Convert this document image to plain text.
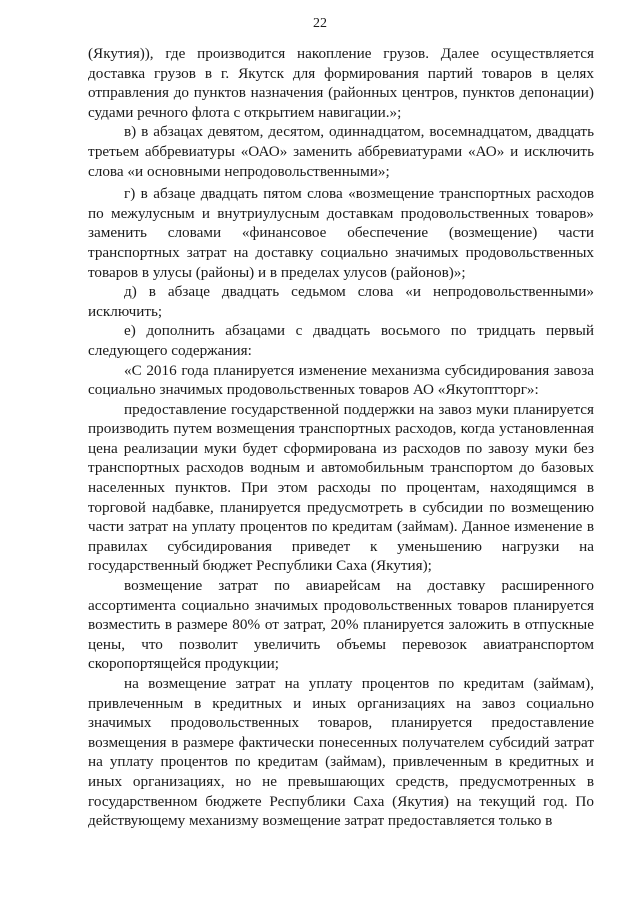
22

(Якутия)), где производится накопление грузов. Далее осуществляется доставка грузов в г. Якутск для формирования партий товаров в целях отправления до пунктов назначения (районных центров, пунктов депонации) судами речного флота с открытием навигации.»;

в) в абзацах девятом, десятом, одиннадцатом, восемнадцатом, двадцать третьем аббревиатуры «ОАО» заменить аббревиатурами «АО» и исключить слова «и основными непродовольственными»;

г) в абзаце двадцать пятом слова «возмещение транспортных расходов по межулусным и внутриулусным доставкам продовольственных товаров» заменить словами «финансовое обеспечение (возмещение) части транспортных затрат на доставку социально значимых продовольственных товаров в улусы (районы) и в пределах улусов (районов)»;

д) в абзаце двадцать седьмом слова «и непродовольственными» исключить;

е) дополнить абзацами с двадцать восьмого по тридцать первый следующего содержания:

«С 2016 года планируется изменение механизма субсидирования завоза социально значимых продовольственных товаров АО «Якутоптторг»:

предоставление государственной поддержки на завоз муки планируется производить путем возмещения транспортных расходов, когда установленная цена реализации муки будет сформирована из расходов по завозу муки без транспортных расходов водным и автомобильным транспортом до базовых населенных пунктов. При этом расходы по процентам, находящимся в торговой надбавке, планируется предусмотреть в субсидии по возмещению части затрат на уплату процентов по кредитам (займам). Данное изменение в правилах субсидирования приведет к уменьшению нагрузки на государственный бюджет Республики Саха (Якутия);

возмещение затрат по авиарейсам на доставку расширенного ассортимента социально значимых продовольственных товаров планируется возместить в размере 80% от затрат, 20% планируется заложить в отпускные цены, что позволит увеличить объемы перевозок авиатранспортом скоропортящейся продукции;

на возмещение затрат на уплату процентов по кредитам (займам), привлеченным в кредитных и иных организациях на завоз социально значимых продовольственных товаров, планируется предоставление возмещения в размере фактически понесенных получателем субсидий затрат на уплату процентов по кредитам (займам), привлеченным в кредитных и иных организациях, но не превышающих средств, предусмотренных в государственном бюджете Республики Саха (Якутия) на текущий год. По действующему механизму возмещение затрат предоставляется только в
